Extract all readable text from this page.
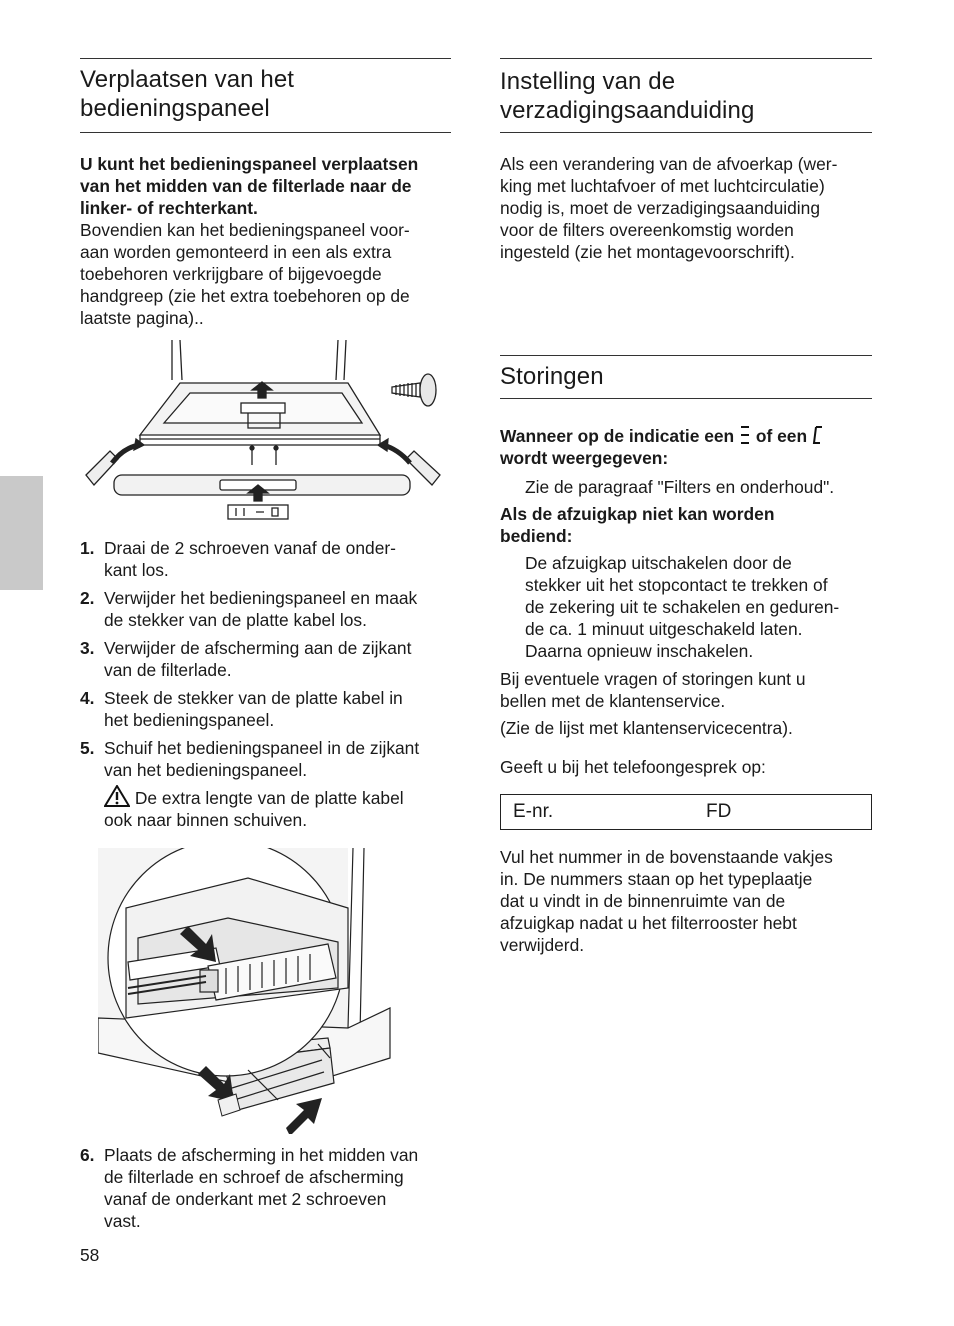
Verplaatsen van het
bedieningspaneel
U kunt het bedieningspaneel verplaatsen
van het midden van de filterlade naar de
linker- of rechterkant.
Bovendien kan het bedieningspaneel voor-
aan worden gemonteerd in een als extra
toebehoren verkrijgbare of bijgevoegde
handgreep (zie het extra toebehoren op de
laatste pagina)..
1. Draai de 2 schroeven vanaf de onder-
kant los.
2. Verwijder het bedieningspaneel en maak
de stekker van de platte kabel los.
3. Verwijder de afscherming aan de zijkant
van de filterlade.
4. Steek de stekker van de platte kabel in
het bedieningspaneel.
5. Schuif het bedieningspaneel in de zijkant
van het bedieningspaneel.
De extra lengte van de platte kabel
ook naar binnen schuiven.
6. Plaats de afscherming in het midden van
de filterlade en schroef de afscherming
vanaf de onderkant met 2 schroeven
vast.
58
Instelling van de
verzadigingsaanduiding
Als een verandering van de afvoerkap (wer-
king met luchtafvoer of met luchtcirculatie)
nodig is, moet de verzadigingsaanduiding
voor de filters overeenkomstig worden
ingesteld (zie het montagevoorschrift).
Storingen
Wanneer op de indicatie een of een
wordt weergegeven:
Zie de paragraaf "Filters en onderhoud".
Als de afzuigkap niet kan worden
bediend:
De afzuigkap uitschakelen door de
stekker uit het stopcontact te trekken of
de zekering uit te schakelen en geduren-
de ca. 1 minuut uitgeschakeld laten.
Daarna opnieuw inschakelen.
Bij eventuele vragen of storingen kunt u
bellen met de klantenservice.
(Zie de lijst met klantenservicecentra).
Geeft u bij het telefoongesprek op:
E-nr.	FD
Vul het nummer in de bovenstaande vakjes
in. De nummers staan op het typeplaatje
dat u vindt in de binnenruimte van de
afzuigkap nadat u het filterrooster hebt
verwijderd.
